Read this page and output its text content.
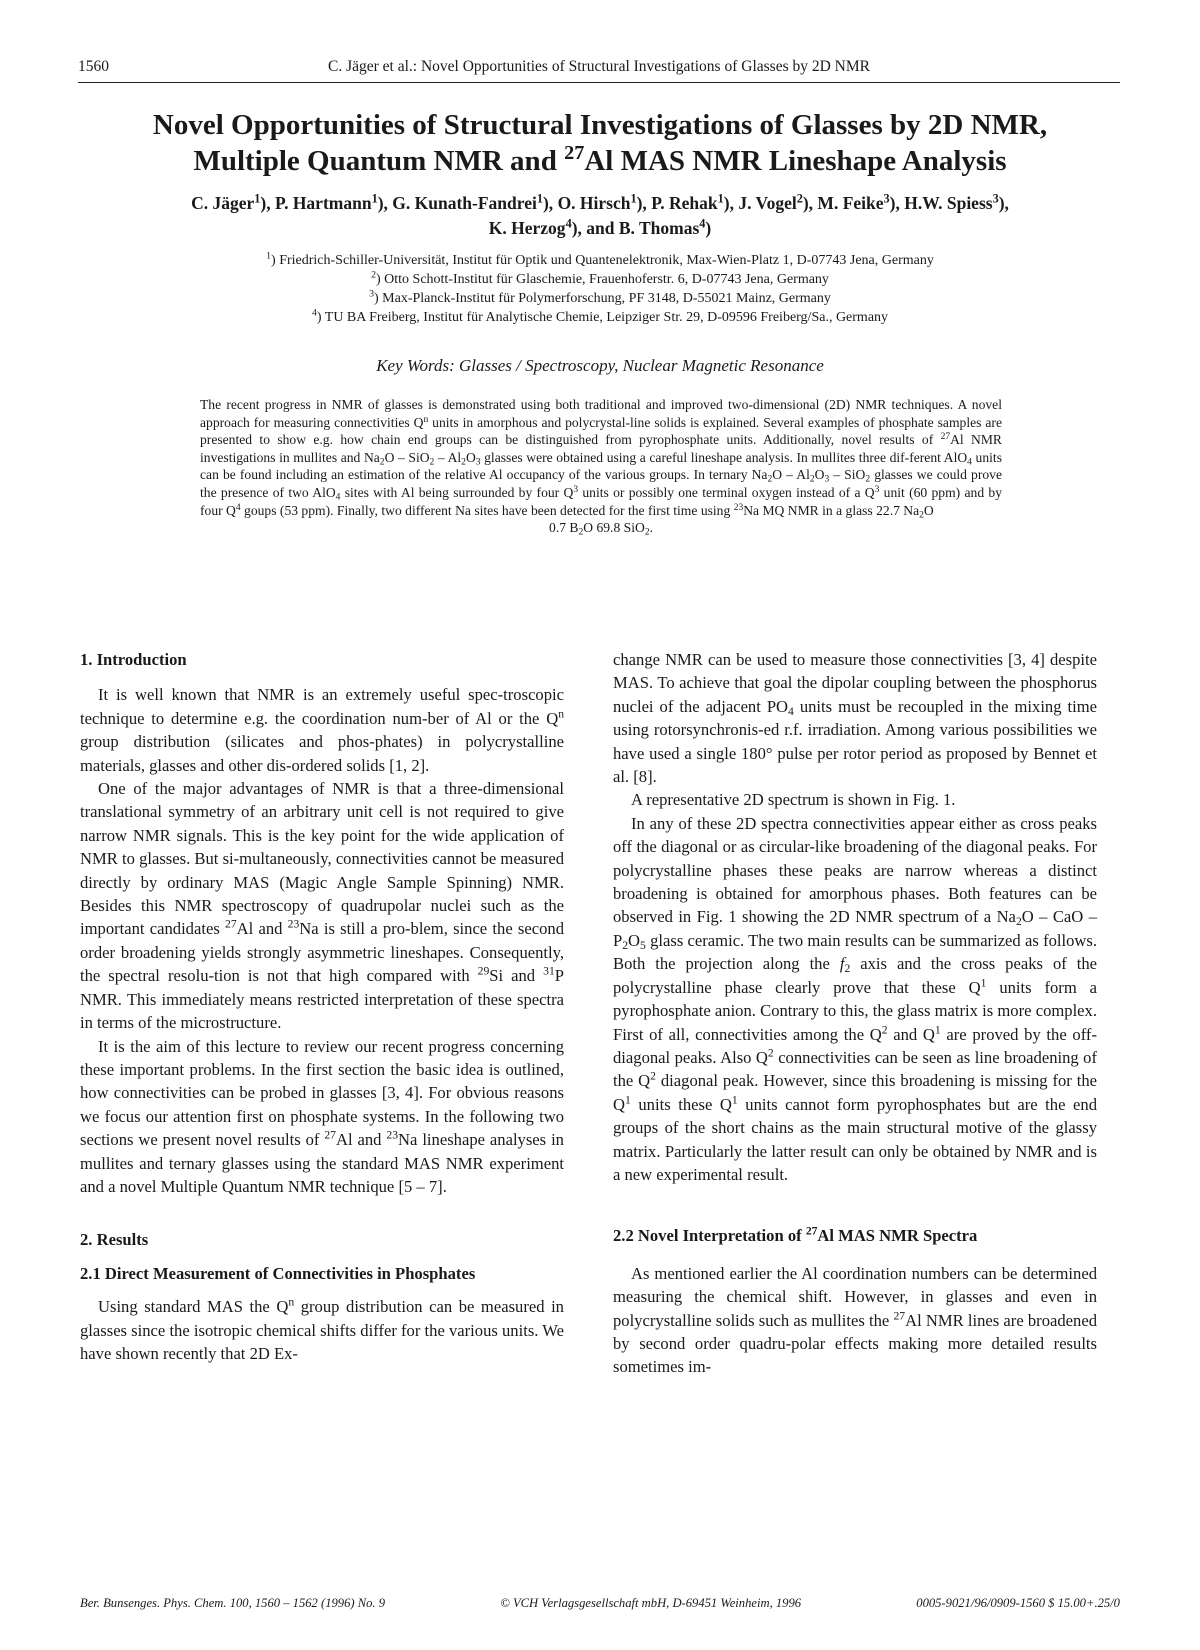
1560	C. Jäger et al.: Novel Opportunities of Structural Investigations of Glasses by 2D NMR
Novel Opportunities of Structural Investigations of Glasses by 2D NMR,
Multiple Quantum NMR and $^{27}$Al MAS NMR Lineshape Analysis

C. Jäger$^1$), P. Hartmann$^1$), G. Kunath-Fandrei$^1$), O. Hirsch$^1$), P. Rehak$^1$), J. Vogel$^2$), M. Feike$^3$), H.W. Spiess$^3$),
K. Herzog$^4$), and B. Thomas$^4$)

$^1$) Friedrich-Schiller-Universität, Institut für Optik und Quantenelektronik, Max-Wien-Platz 1, D-07743 Jena, Germany
$^2$) Otto Schott-Institut für Glaschemie, Frauenhoferstr. 6, D-07743 Jena, Germany
$^3$) Max-Planck-Institut für Polymerforschung, PF 3148, D-55021 Mainz, Germany
$^4$) TU BA Freiberg, Institut für Analytische Chemie, Leipziger Str. 29, D-09596 Freiberg/Sa., Germany

Key Words: Glasses / Spectroscopy, Nuclear Magnetic Resonance

The recent progress in NMR of glasses is demonstrated using both traditional and improved two-dimensional (2D) NMR techniques. A novel approach for measuring connectivities $Q^n$ units in amorphous and polycrystal-line solids is explained. Several examples of phosphate samples are presented to show e.g. how chain end groups can be distinguished from pyrophosphate units. Additionally, novel results of $^{27}$Al NMR investigations in mullites and $Na_2O - SiO_2 - Al_2O_3$ glasses were obtained using a careful lineshape analysis. In mullites three dif-ferent AlO$_4$ units can be found including an estimation of the relative Al occupancy of the various groups. In ternary $Na_2O - Al_2O_3 - SiO_2$ glasses we could prove the presence of two AlO$_4$ sites with Al being surrounded by four $Q^3$ units or possibly one terminal oxygen instead of a $Q^3$ unit (60 ppm) and by four $Q^4$ goups (53 ppm). Finally, two different Na sites have been detected for the first time using $^{23}$Na MQ NMR in a glass 22.7 $Na_2O$
0.7 $B_2O$ 69.8 SiO$_2$.

1. Introduction

It is well known that NMR is an extremely useful spec-troscopic technique to determine e.g. the coordination num-ber of Al or the $Q^n$ group distribution (silicates and phos-phates) in polycrystalline materials, glasses and other dis-ordered solids [1, 2].

One of the major advantages of NMR is that a three-dimensional translational symmetry of an arbitrary unit cell is not required to give narrow NMR signals. This is the key point for the wide application of NMR to glasses. But si-multaneously, connectivities cannot be measured directly by ordinary MAS (Magic Angle Sample Spinning) NMR. Besides this NMR spectroscopy of quadrupolar nuclei such as the important candidates $^{27}$Al and $^{23}$Na is still a pro-blem, since the second order broadening yields strongly asymmetric lineshapes. Consequently, the spectral resolu-tion is not that high compared with $^{29}$Si and $^{31}$P NMR. This immediately means restricted interpretation of these spectra in terms of the microstructure.

It is the aim of this lecture to review our recent progress concerning these important problems. In the first section the basic idea is outlined, how connectivities can be probed in glasses [3, 4]. For obvious reasons we focus our attention first on phosphate systems. In the following two sections we present novel results of $^{27}$Al and $^{23}$Na lineshape analyses in mullites and ternary glasses using the standard MAS NMR experiment and a novel Multiple Quantum NMR technique [5 – 7].

2. Results
2.1 Direct Measurement of Connectivities in Phosphates

Using standard MAS the $Q^n$ group distribution can be measured in glasses since the isotropic chemical shifts differ for the various units. We have shown recently that 2D Ex-

change NMR can be used to measure those connectivities [3, 4] despite MAS. To achieve that goal the dipolar coupling between the phosphorus nuclei of the adjacent $PO_4$ units must be recoupled in the mixing time using rotorsynchronis-ed r.f. irradiation. Among various possibilities we have used a single 180° pulse per rotor period as proposed by Bennet et al. [8].

A representative 2D spectrum is shown in Fig. 1.

In any of these 2D spectra connectivities appear either as cross peaks off the diagonal or as circular-like broadening of the diagonal peaks. For polycrystalline phases these peaks are narrow whereas a distinct broadening is obtained for amorphous phases. Both features can be observed in Fig. 1 showing the 2D NMR spectrum of a $Na_2O$ – CaO – $P_2O_5$ glass ceramic. The two main results can be summarized as follows. Both the projection along the $f_2$ axis and the cross peaks of the polycrystalline phase clearly prove that these $Q^1$ units form a pyrophosphate anion. Contrary to this, the glass matrix is more complex. First of all, connectivities among the $Q^2$ and $Q^1$ are proved by the off-diagonal peaks. Also $Q^2$ connectivities can be seen as line broadening of the $Q^2$ diagonal peak. However, since this broadening is missing for the $Q^1$ units these $Q^1$ units cannot form pyrophosphates but are the end groups of the short chains as the main structural motive of the glassy matrix. Particularly the latter result can only be obtained by NMR and is a new experimental result.

2.2 Novel Interpretation of $^{27}$Al MAS NMR Spectra

As mentioned earlier the Al coordination numbers can be determined measuring the chemical shift. However, in glasses and even in polycrystalline solids such as mullites the $^{27}$Al NMR lines are broadened by second order quadru-polar effects making more detailed results sometimes im-

Ber. Bunsenges. Phys. Chem. 100, 1560 – 1562 (1996) No. 9	© VCH Verlagsgesellschaft mbH, D-69451 Weinheim, 1996	0005-9021/96/0909-1560 $ 15.00+.25/0
